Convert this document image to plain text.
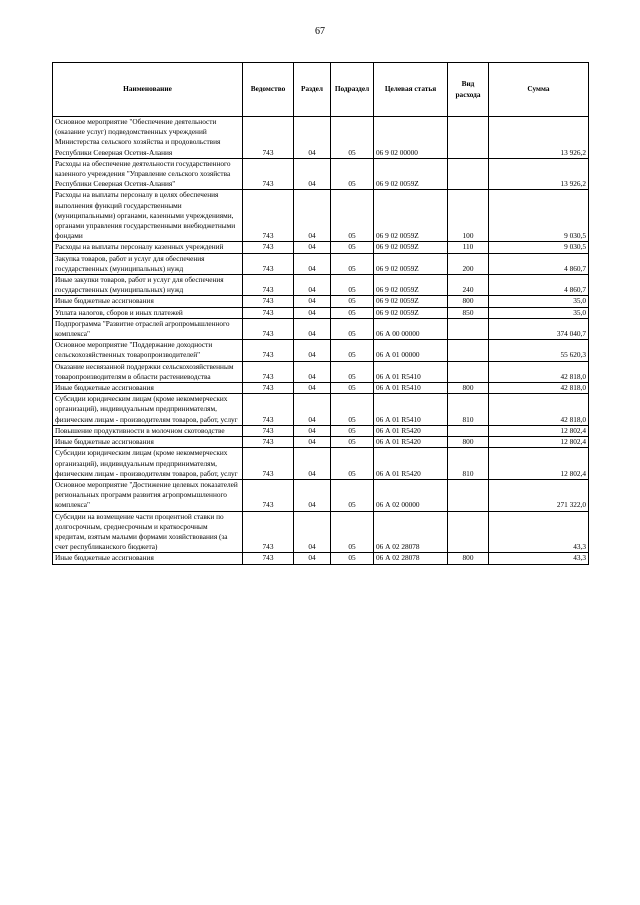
67
Наименование	Ведомство	Раздел	Подраздел	Целевая статья	Вид расхода	Сумма
Основное мероприятие "Обеспечение деятельности (оказание услуг) подведомственных учреждений Министерства сельского хозяйства и продовольствия Республики Северная Осетия-Алания	743	04	05	06 9 02 00000		13 926,2
Расходы на обеспечение деятельности государственного казенного учреждения "Управление сельского хозяйства Республики Северная Осетия-Алания"	743	04	05	06 9 02 0059Z		13 926,2
Расходы на выплаты персоналу в целях обеспечения выполнения функций государственными (муниципальными) органами, казенными учреждениями, органами управления государственными внебюджетными фондами	743	04	05	06 9 02 0059Z	100	9 030,5
Расходы на выплаты персоналу казенных учреждений	743	04	05	06 9 02 0059Z	110	9 030,5
Закупка товаров, работ и услуг для обеспечения государственных (муниципальных) нужд	743	04	05	06 9 02 0059Z	200	4 860,7
Иные закупки товаров, работ и услуг для обеспечения государственных (муниципальных) нужд	743	04	05	06 9 02 0059Z	240	4 860,7
Иные бюджетные ассигнования	743	04	05	06 9 02 0059Z	800	35,0
Уплата налогов, сборов и иных платежей	743	04	05	06 9 02 0059Z	850	35,0
Подпрограмма "Развитие отраслей агропромышленного комплекса"	743	04	05	06 А 00 00000		374 040,7
Основное мероприятие "Поддержание доходности сельскохозяйственных товаропроизводителей"	743	04	05	06 А 01 00000		55 620,3
Оказание несвязанной поддержки сельскохозяйственным товаропроизводителям в области растениеводства	743	04	05	06 А 01 R5410		42 818,0
Иные бюджетные ассигнования	743	04	05	06 А 01 R5410	800	42 818,0
Субсидии юридическим лицам (кроме некоммерческих организаций), индивидуальным предпринимателям, физическим лицам - производителям товаров, работ, услуг	743	04	05	06 А 01 R5410	810	42 818,0
Повышение продуктивности в молочном скотоводстве	743	04	05	06 А 01 R5420		12 802,4
Иные бюджетные ассигнования	743	04	05	06 А 01 R5420	800	12 802,4
Субсидии юридическим лицам (кроме некоммерческих организаций), индивидуальным предпринимателям, физическим лицам - производителям товаров, работ, услуг	743	04	05	06 А 01 R5420	810	12 802,4
Основное мероприятие "Достижение целевых показателей региональных программ развития агропромышленного комплекса"	743	04	05	06 А 02 00000		271 322,0
Субсидии на возмещение части процентной ставки по долгосрочным, среднесрочным и краткосрочным кредитам, взятым малыми формами хозяйствования (за счет республиканского бюджета)	743	04	05	06 А 02 28078		43,3
Иные бюджетные ассигнования	743	04	05	06 А 02 28078	800	43,3
